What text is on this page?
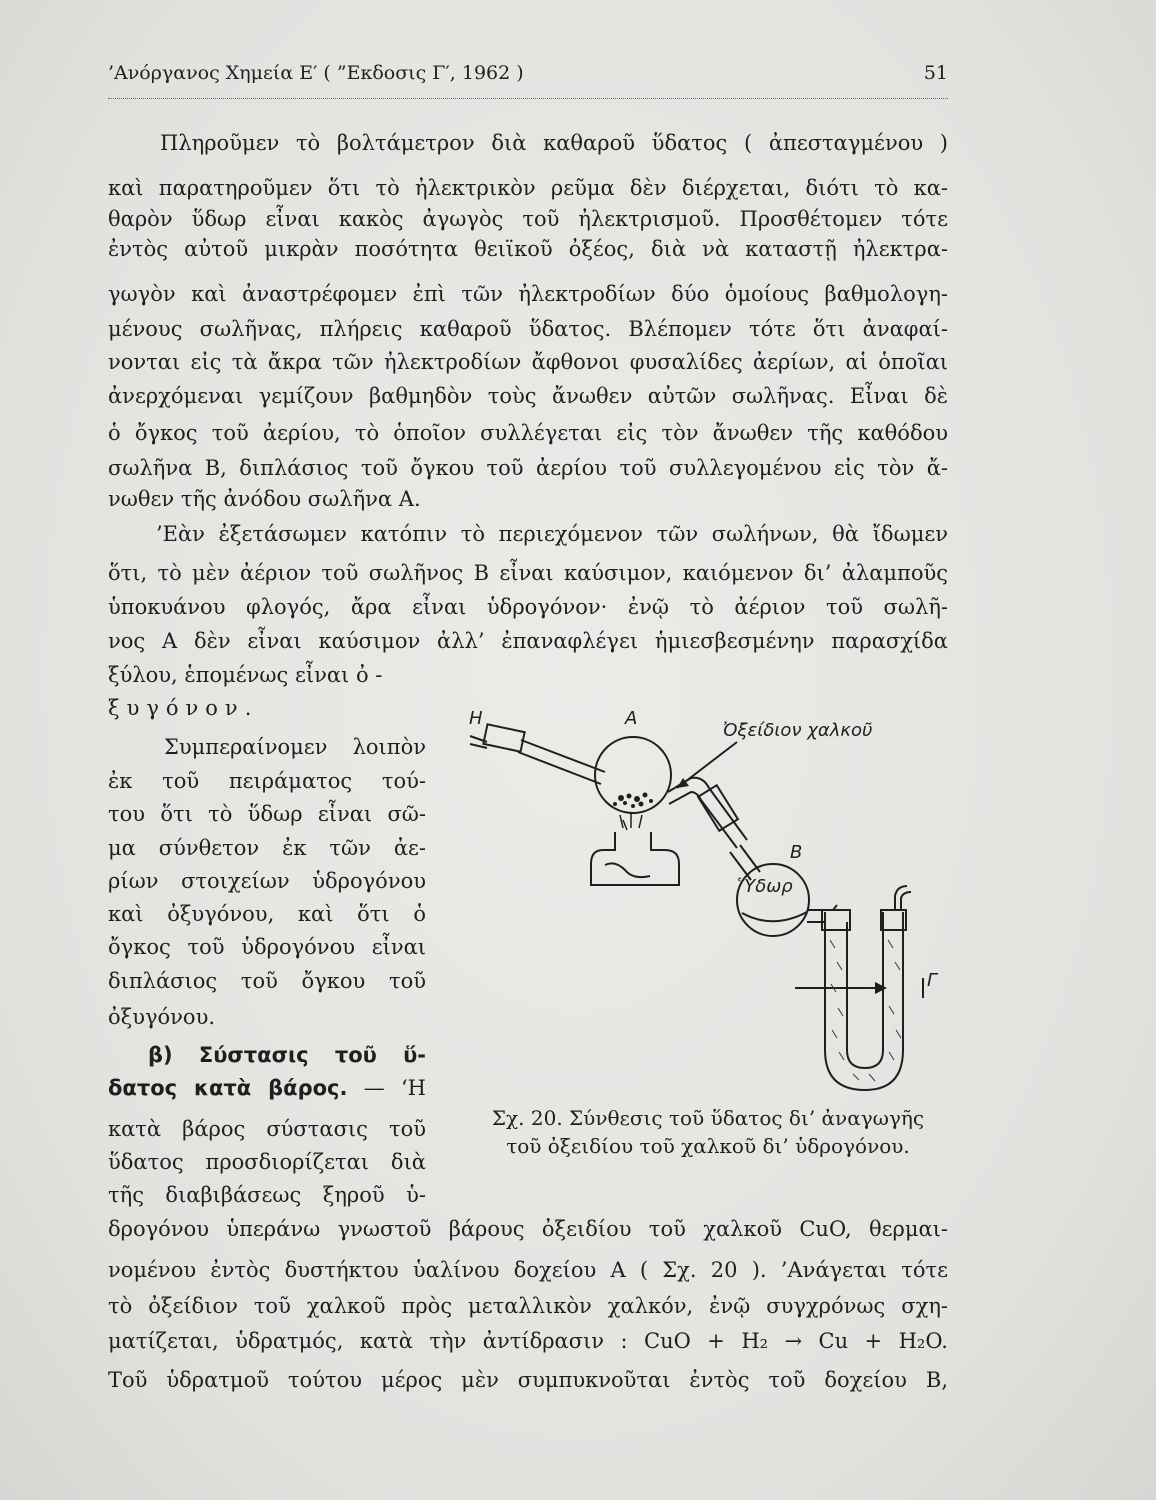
’Ανόργανος Χημεία Ε′ ( ”Εκδοσις Γ′, 1962 )	51
Πληροῦμεν τὸ βολτάμετρον διὰ καθαροῦ ὕδατος ( ἀπεσταγμένου )
καὶ παρατηροῦμεν ὅτι τὸ ἠλεκτρικὸν ρεῦμα δὲν διέρχεται, διότι τὸ κα-
θαρὸν ὕδωρ εἶναι κακὸς ἀγωγὸς τοῦ ἠλεκτρισμοῦ. Προσθέτομεν τότε
ἐντὸς αὐτοῦ μικρὰν ποσότητα θειϊκοῦ ὀξέος, διὰ νὰ καταστῇ ἠλεκτρα-
γωγὸν καὶ ἀναστρέφομεν ἐπὶ τῶν ἠλεκτροδίων δύο ὁμοίους βαθμολογη-
μένους σωλῆνας, πλήρεις καθαροῦ ὕδατος. Βλέπομεν τότε ὅτι ἀναφαί-
νονται εἰς τὰ ἄκρα τῶν ἠλεκτροδίων ἄφθονοι φυσαλίδες ἀερίων, αἱ ὁποῖαι
ἀνερχόμεναι γεμίζουν βαθμηδὸν τοὺς ἄνωθεν αὐτῶν σωλῆνας. Εἶναι δὲ
ὁ ὄγκος τοῦ ἀερίου, τὸ ὁποῖον συλλέγεται εἰς τὸν ἄνωθεν τῆς καθόδου
σωλῆνα Β, διπλάσιος τοῦ ὄγκου τοῦ ἀερίου τοῦ συλλεγομένου εἰς τὸν ἄ-
νωθεν τῆς ἀνόδου σωλῆνα Α.
’Εὰν ἐξετάσωμεν κατόπιν τὸ περιεχόμενον τῶν σωλήνων, θὰ ἴδωμεν
ὅτι, τὸ μὲν ἀέριον τοῦ σωλῆνος Β εἶναι καύσιμον, καιόμενον δι’ ἀλαμποῦς
ὑποκυάνου φλογός, ἄρα εἶναι ὑδρογόνον· ἐνῷ τὸ ἀέριον τοῦ σωλῆ-
νος Α δὲν εἶναι καύσιμον ἀλλ’ ἐπαναφλέγει ἡμιεσβεσμένην παρασχίδα
ξύλου, ἑπομένως εἶναι ὀ -
ξυγόνον.
Συμπεραίνομεν λοιπὸν
ἐκ τοῦ πειράματος τού-
του ὅτι τὸ ὕδωρ εἶναι σῶ-
μα σύνθετον ἐκ τῶν ἀε-
ρίων στοιχείων ὑδρογόνου
καὶ ὀξυγόνου, καὶ ὅτι ὁ
ὄγκος τοῦ ὑδρογόνου εἶναι
διπλάσιος τοῦ ὄγκου τοῦ
ὀξυγόνου.
β) Σύστασις τοῦ ὕ-
δατος κατὰ βάρος. — ‘Η
κατὰ βάρος σύστασις τοῦ
ὕδατος προσδιορίζεται διὰ
τῆς διαβιβάσεως ξηροῦ ὑ-
δρογόνου ὑπεράνω γνωστοῦ βάρους ὀξειδίου τοῦ χαλκοῦ CuO, θερμαι-
νομένου ἐντὸς δυστήκτου ὑαλίνου δοχείου Α ( Σχ. 20 ). ’Ανάγεται τότε
τὸ ὀξείδιον τοῦ χαλκοῦ πρὸς μεταλλικὸν χαλκόν, ἐνῷ συγχρόνως σχη-
ματίζεται, ὑδρατμός, κατὰ τὴν ἀντίδρασιν : CuO + H₂ → Cu + H₂O.
Τοῦ ὑδρατμοῦ τούτου μέρος μὲν συμπυκνοῦται ἐντὸς τοῦ δοχείου Β,
Η	Α
Ὀξείδιον χαλκοῦ
Β
Ὕδωρ
Γ
Σχ. 20. Σύνθεσις τοῦ ὕδατος δι’ ἀναγωγῆς
τοῦ ὀξειδίου τοῦ χαλκοῦ δι’ ὑδρογόνου.
